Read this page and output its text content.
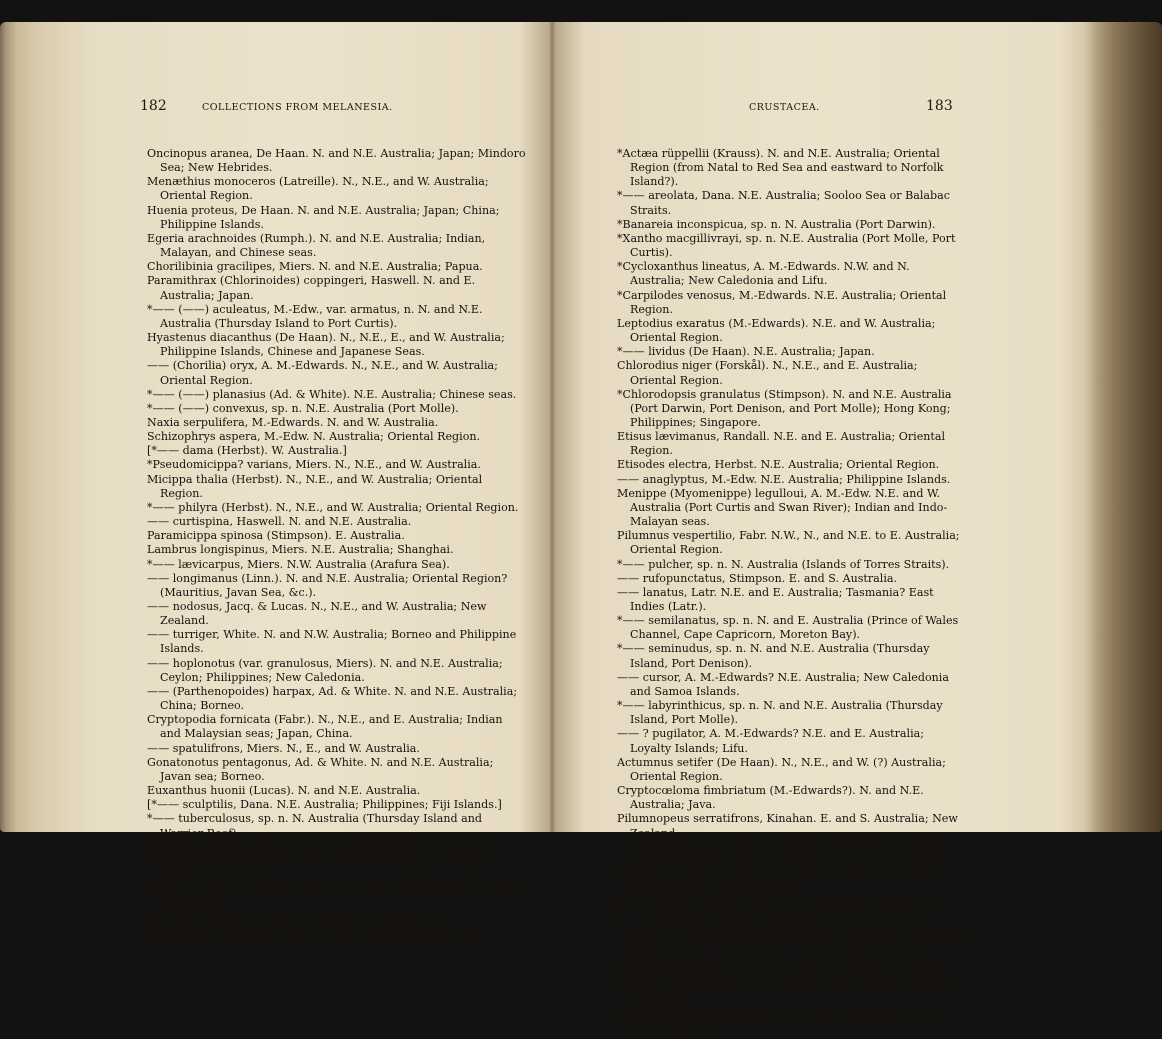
182	COLLECTIONS FROM MELANESIA.

Oncinopus aranea, De Haan. N. and N.E. Australia; Japan; Mindoro Sea; New Hebrides.

Menæthius monoceros (Latreille). N., N.E., and W. Australia; Oriental Region.

Huenia proteus, De Haan. N. and N.E. Australia; Japan; China; Philippine Islands.

Egeria arachnoides (Rumph.). N. and N.E. Australia; Indian, Malayan, and Chinese seas.

Chorilibinia gracilipes, Miers. N. and N.E. Australia; Papua.

Paramithrax (Chlorinoides) coppingeri, Haswell. N. and E. Australia; Japan.

*—— (——) aculeatus, M.-Edw., var. armatus, n. N. and N.E. Australia (Thursday Island to Port Curtis).

Hyastenus diacanthus (De Haan). N., N.E., E., and W. Australia; Philippine Islands, Chinese and Japanese Seas.

—— (Chorilia) oryx, A. M.-Edwards. N., N.E., and W. Australia; Oriental Region.

*—— (——) planasius (Ad. & White). N.E. Australia; Chinese seas.

*—— (——) convexus, sp. n. N.E. Australia (Port Molle).

Naxia serpulifera, M.-Edwards. N. and W. Australia.

Schizophrys aspera, M.-Edw. N. Australia; Oriental Region.

[*—— dama (Herbst). W. Australia.]

*Pseudomicippa? varians, Miers. N., N.E., and W. Australia.

Micippa thalia (Herbst). N., N.E., and W. Australia; Oriental Region.

*—— philyra (Herbst). N., N.E., and W. Australia; Oriental Region.

—— curtispina, Haswell. N. and N.E. Australia.

Paramicippa spinosa (Stimpson). E. Australia.

Lambrus longispinus, Miers. N.E. Australia; Shanghai.

*—— lævicarpus, Miers. N.W. Australia (Arafura Sea).

—— longimanus (Linn.). N. and N.E. Australia; Oriental Region? (Mauritius, Javan Sea, &c.).

—— nodosus, Jacq. & Lucas. N., N.E., and W. Australia; New Zealand.

—— turriger, White. N. and N.W. Australia; Borneo and Philippine Islands.

—— hoplonotus (var. granulosus, Miers). N. and N.E. Australia; Ceylon; Philippines; New Caledonia.

—— (Parthenopoides) harpax, Ad. & White. N. and N.E. Australia; China; Borneo.

Cryptopodia fornicata (Fabr.). N., N.E., and E. Australia; Indian and Malaysian seas; Japan, China.

—— spatulifrons, Miers. N., E., and W. Australia.

Gonatonotus pentagonus, Ad. & White. N. and N.E. Australia; Javan sea; Borneo.

Euxanthus huonii (Lucas). N. and N.E. Australia.

[*—— sculptilis, Dana. N.E. Australia; Philippines; Fiji Islands.]

*—— tuberculosus, sp. n. N. Australia (Thursday Island and Warrior Reef).

*Hypocœlus punctatus, sp. n. N. Australia (Thursday Island).

Atergatis floridus, Linn. N., N.E., and W. Australia; Oriental Region.

Lophozozymus epheliticus, Linn. N.W., N.E., and E. Australia; Java; Philippines.

*Galene granulata, sp. n. N. Australia (Port Darwin).

*Halimede? coppingeri, sp. n. N.W. Australia (Arafura Sea).

CRUSTACEA.	183

*Actæa rüppellii (Krauss). N. and N.E. Australia; Oriental Region (from Natal to Red Sea and eastward to Norfolk Island?).

*—— areolata, Dana. N.E. Australia; Sooloo Sea or Balabac Straits.

*Banareia inconspicua, sp. n. N. Australia (Port Darwin).

*Xantho macgillivrayi, sp. n. N.E. Australia (Port Molle, Port Curtis).

*Cycloxanthus lineatus, A. M.-Edwards. N.W. and N. Australia; New Caledonia and Lifu.

*Carpilodes venosus, M.-Edwards. N.E. Australia; Oriental Region.

Leptodius exaratus (M.-Edwards). N.E. and W. Australia; Oriental Region.

*—— lividus (De Haan). N.E. Australia; Japan.

Chlorodius niger (Forskål). N., N.E., and E. Australia; Oriental Region.

*Chlorodopsis granulatus (Stimpson). N. and N.E. Australia (Port Darwin, Port Denison, and Port Molle); Hong Kong; Philippines; Singapore.

Etisus lævimanus, Randall. N.E. and E. Australia; Oriental Region.

Etisodes electra, Herbst. N.E. Australia; Oriental Region.

—— anaglyptus, M.-Edw. N.E. Australia; Philippine Islands.

Menippe (Myomenippe) legulloui, A. M.-Edw. N.E. and W. Australia (Port Curtis and Swan River); Indian and Indo-Malayan seas.

Pilumnus vespertilio, Fabr. N.W., N., and N.E. to E. Australia; Oriental Region.

*—— pulcher, sp. n. N. Australia (Islands of Torres Straits).

—— rufopunctatus, Stimpson. E. and S. Australia.

—— lanatus, Latr. N.E. and E. Australia; Tasmania? East Indies (Latr.).

*—— semilanatus, sp. n. N. and E. Australia (Prince of Wales Channel, Cape Capricorn, Moreton Bay).

*—— seminudus, sp. n. N. and N.E. Australia (Thursday Island, Port Denison).

—— cursor, A. M.-Edwards? N.E. Australia; New Caledonia and Samoa Islands.

*—— labyrinthicus, sp. n. N. and N.E. Australia (Thursday Island, Port Molle).

—— ? pugilator, A. M.-Edwards? N.E. and E. Australia; Loyalty Islands; Lifu.

Actumnus setifer (De Haan). N., N.E., and W. (?) Australia; Oriental Region.

Cryptocœloma fimbriatum (M.-Edwards?). N. and N.E. Australia; Java.

Pilumnopeus serratifrons, Kinahan. E. and S. Australia; New Zealand.

Ozius guttatus (var. speciosus, Hilgendorf). N.E. Australia; Oriental Region.

Neptunus pelagicus (Linn.). N., N.E., E., and W. Australia; New Zealand; Oriental Region.

[*—— armatus, A. M.-Edwards. W. Australia, Shark Bay.]

*—— (Amphitrite) hastatoides (Fabricius). N. and N.W. Australia (Friday Island, Arafura Sea); Indian Ocean, Hong Kong, &c.

Achelous granulatus (M.-Edwards). N. and N.E. Australia; Oriental Region.

*—— ——, var. unispinosus, n. N. Australia (Prince of Wales Channel).

*Thalamita admete (Herbst). N.W., N.E., and E. Australia; Oriental Region.
